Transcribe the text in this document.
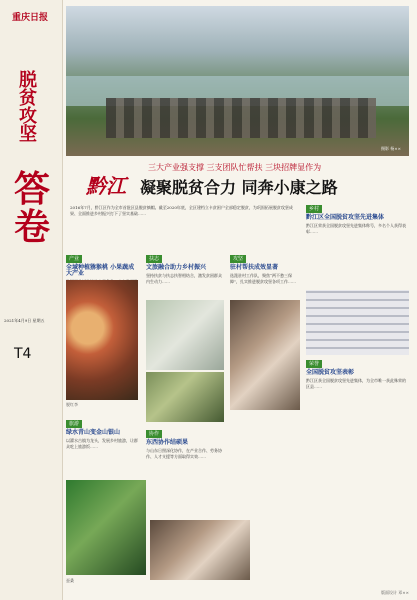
重庆日报
脱贫攻坚
答卷
2021年4月9日 星期五
T4
摄影 杨××
三大产业强支撑 三支团队忙帮扶 三块招牌显作为
黔江 凝聚脱贫合力 同奔小康之路
2016年7月，黔江区作为全市首批区县脱贫摘帽。截至2020年底，全区建档立卡贫困户全部稳定脱贫，为巩固拓展脱贫攻坚成果、全面推进乡村振兴打下了坚实基础……
产业
全域种植猕猴桃 小果蔬成大产业
旅游
绿水青山变金山银山
以濯水古镇为龙头，发展乡村旅游，让群众吃上旅游饭……
扶志
文旅融合助力乡村振兴
坚持扶贫与扶志扶智相结合，激发贫困群众内生动力……
协作
东西协作结硕果
与山东日照深化协作，在产业合作、劳务协作、人才支援等方面取得实效……
攻坚
驻村帮扶成效显著
选派驻村工作队，聚焦“两不愁三保障”，扎实推进脱贫攻坚各项工作……
乡村
黔江区全国脱贫攻坚先进集体
黔江区荣获全国脱贫攻坚先进集体称号，多名个人获得表彰……
荣誉
全国脱贫攻坚表彰
黔江区获全国脱贫攻坚先进集体，为全市唯一获此殊荣的区县……
脱红李
蚕桑
版面设计 邓××
